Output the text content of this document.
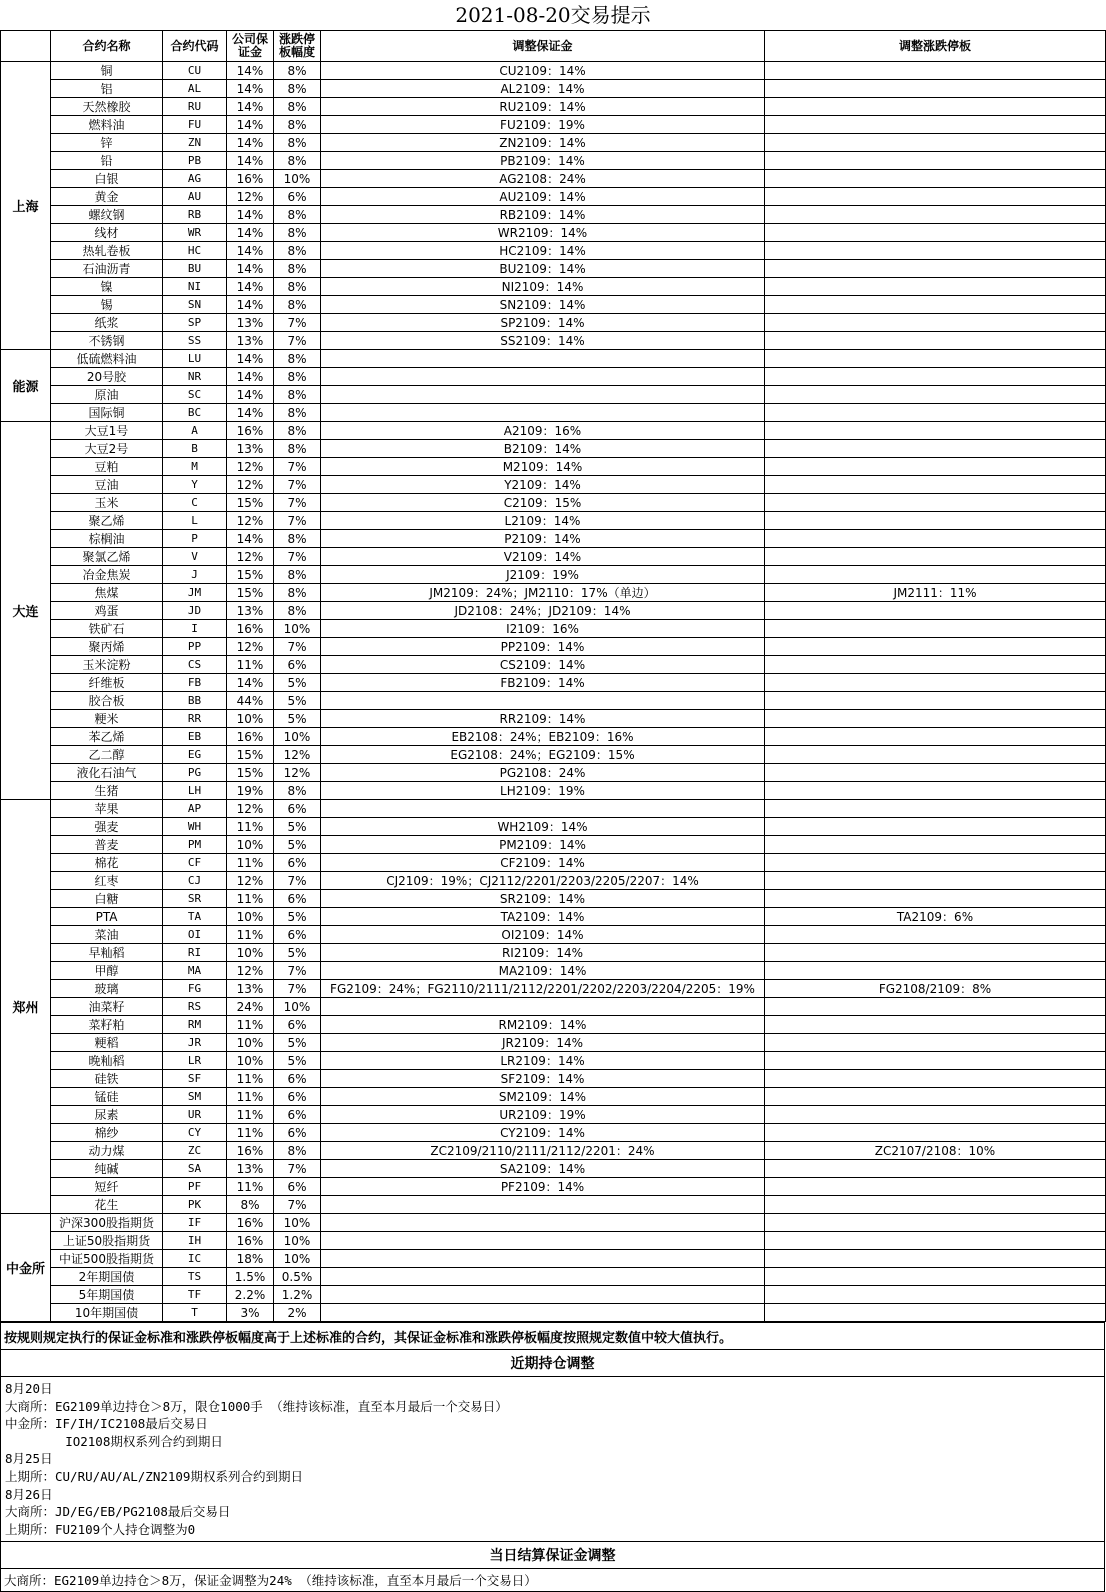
2021-08-20交易提示
	合约名称	合约代码	公司保证金	涨跌停板幅度	调整保证金	调整涨跌停板
上海	铜	CU	14%	8%	CU2109：14%	
	铝	AL	14%	8%	AL2109：14%	
	天然橡胶	RU	14%	8%	RU2109：14%	
	燃料油	FU	14%	8%	FU2109：19%	
	锌	ZN	14%	8%	ZN2109：14%	
	铅	PB	14%	8%	PB2109：14%	
	白银	AG	16%	10%	AG2108：24%	
	黄金	AU	12%	6%	AU2109：14%	
	螺纹钢	RB	14%	8%	RB2109：14%	
	线材	WR	14%	8%	WR2109：14%	
	热轧卷板	HC	14%	8%	HC2109：14%	
	石油沥青	BU	14%	8%	BU2109：14%	
	镍	NI	14%	8%	NI2109：14%	
	锡	SN	14%	8%	SN2109：14%	
	纸浆	SP	13%	7%	SP2109：14%	
	不锈钢	SS	13%	7%	SS2109：14%	
能源	低硫燃料油	LU	14%	8%		
	20号胶	NR	14%	8%		
	原油	SC	14%	8%		
	国际铜	BC	14%	8%		
大连	大豆1号	A	16%	8%	A2109：16%	
	大豆2号	B	13%	8%	B2109：14%	
	豆粕	M	12%	7%	M2109：14%	
	豆油	Y	12%	7%	Y2109：14%	
	玉米	C	15%	7%	C2109：15%	
	聚乙烯	L	12%	7%	L2109：14%	
	棕榈油	P	14%	8%	P2109：14%	
	聚氯乙烯	V	12%	7%	V2109：14%	
	冶金焦炭	J	15%	8%	J2109：19%	
	焦煤	JM	15%	8%	JM2109：24%；JM2110：17%（单边）	JM2111：11%
	鸡蛋	JD	13%	8%	JD2108：24%；JD2109：14%	
	铁矿石	I	16%	10%	I2109：16%	
	聚丙烯	PP	12%	7%	PP2109：14%	
	玉米淀粉	CS	11%	6%	CS2109：14%	
	纤维板	FB	14%	5%	FB2109：14%	
	胶合板	BB	44%	5%		
	粳米	RR	10%	5%	RR2109：14%	
	苯乙烯	EB	16%	10%	EB2108：24%；EB2109：16%	
	乙二醇	EG	15%	12%	EG2108：24%；EG2109：15%	
	液化石油气	PG	15%	12%	PG2108：24%	
	生猪	LH	19%	8%	LH2109：19%	
郑州	苹果	AP	12%	6%		
	强麦	WH	11%	5%	WH2109：14%	
	普麦	PM	10%	5%	PM2109：14%	
	棉花	CF	11%	6%	CF2109：14%	
	红枣	CJ	12%	7%	CJ2109：19%；CJ2112/2201/2203/2205/2207：14%	
	白糖	SR	11%	6%	SR2109：14%	
	PTA	TA	10%	5%	TA2109：14%	TA2109：6%
	菜油	OI	11%	6%	OI2109：14%	
	早籼稻	RI	10%	5%	RI2109：14%	
	甲醇	MA	12%	7%	MA2109：14%	
	玻璃	FG	13%	7%	FG2109：24%；FG2110/2111/2112/2201/2202/2203/2204/2205：19%	FG2108/2109：8%
	油菜籽	RS	24%	10%		
	菜籽粕	RM	11%	6%	RM2109：14%	
	粳稻	JR	10%	5%	JR2109：14%	
	晚籼稻	LR	10%	5%	LR2109：14%	
	硅铁	SF	11%	6%	SF2109：14%	
	锰硅	SM	11%	6%	SM2109：14%	
	尿素	UR	11%	6%	UR2109：19%	
	棉纱	CY	11%	6%	CY2109：14%	
	动力煤	ZC	16%	8%	ZC2109/2110/2111/2112/2201：24%	ZC2107/2108：10%
	纯碱	SA	13%	7%	SA2109：14%	
	短纤	PF	11%	6%	PF2109：14%	
	花生	PK	8%	7%		
中金所	沪深300股指期货	IF	16%	10%		
	上证50股指期货	IH	16%	10%		
	中证500股指期货	IC	18%	10%		
	2年期国债	TS	1.5%	0.5%		
	5年期国债	TF	2.2%	1.2%		
	10年期国债	T	3%	2%		
按规则规定执行的保证金标准和涨跌停板幅度高于上述标准的合约，其保证金标准和涨跌停板幅度按照规定数值中较大值执行。
近期持仓调整

8月20日
大商所：EG2109单边持仓＞8万，限仓1000手 （维持该标准，直至本月最后一个交易日）
中金所：IF/IH/IC2108最后交易日
IO2108期权系列合约到期日
8月25日
上期所：CU/RU/AU/AL/ZN2109期权系列合约到期日
8月26日
大商所：JD/EG/EB/PG2108最后交易日
上期所：FU2109个人持仓调整为0

当日结算保证金调整
大商所：EG2109单边持仓＞8万，保证金调整为24% （维持该标准，直至本月最后一个交易日）
